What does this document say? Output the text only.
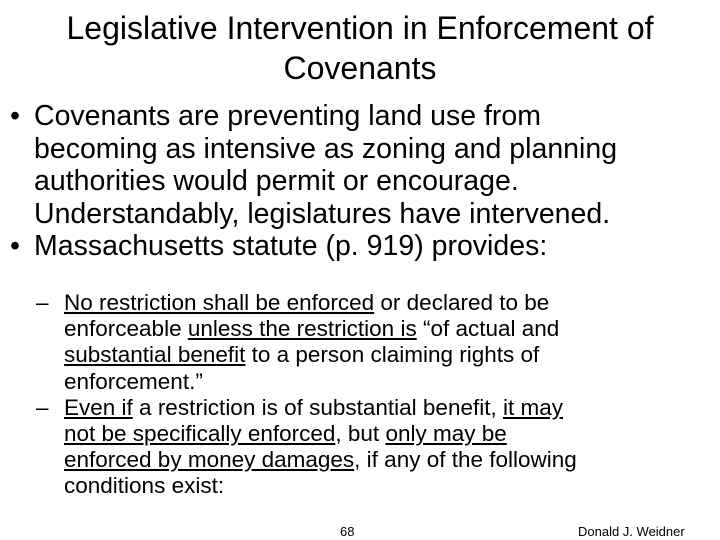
Legislative Intervention in Enforcement of
Covenants
• Covenants are preventing land use from
becoming as intensive as zoning and planning
authorities would permit or encourage.
Understandably, legislatures have intervened.
• Massachusetts statute (p. 919) provides:
– No restriction shall be enforced or declared to be
enforceable unless the restriction is “of actual and
substantial benefit to a person claiming rights of
enforcement.”
– Even if a restriction is of substantial benefit, it may
not be specifically enforced, but only may be
enforced by money damages, if any of the following
conditions exist:
68	Donald J. Weidner
